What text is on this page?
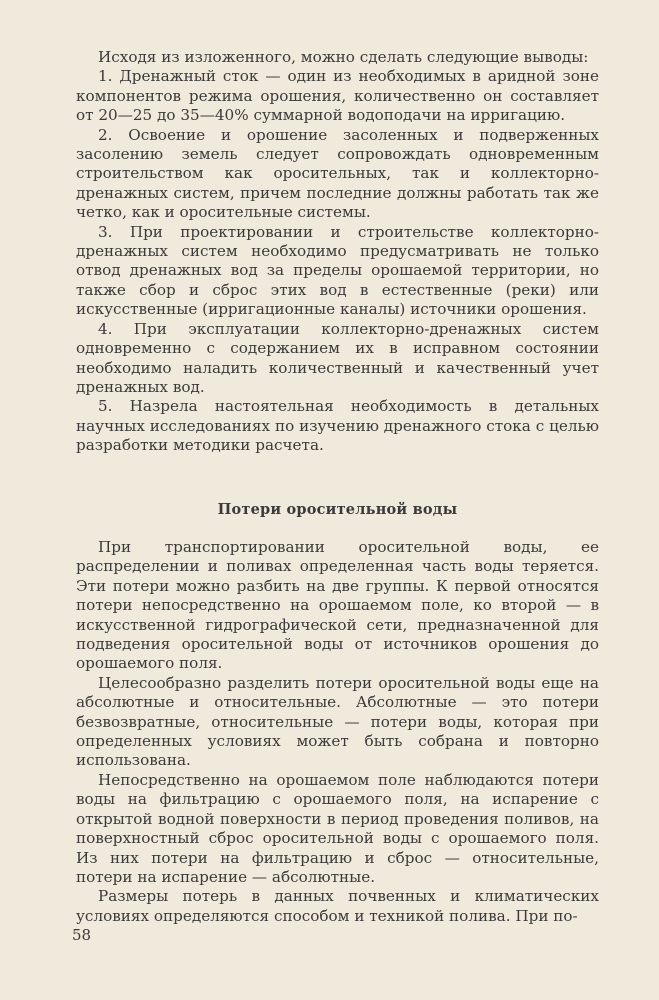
Исходя из изложенного, можно сделать следующие выводы:

1. Дренажный сток — один из необходимых в аридной зоне компонентов режима орошения, количественно он составляет от 20—25 до 35—40% суммарной водоподачи на ирригацию.

2. Освоение и орошение засоленных и подверженных засолению земель следует сопровождать одновременным строительством как оросительных, так и коллекторно-дренажных систем, причем последние должны работать так же четко, как и оросительные системы.

3. При проектировании и строительстве коллекторно-дренажных систем необходимо предусматривать не только отвод дренажных вод за пределы орошаемой территории, но также сбор и сброс этих вод в естественные (реки) или искусственные (ирригационные каналы) источники орошения.

4. При эксплуатации коллекторно-дренажных систем одновременно с содержанием их в исправном состоянии необходимо наладить количественный и качественный учет дренажных вод.

5. Назрела настоятельная необходимость в детальных научных исследованиях по изучению дренажного стока с целью разработки методики расчета.

Потери оросительной воды

При транспортировании оросительной воды, ее распределении и поливах определенная часть воды теряется. Эти потери можно разбить на две группы. К первой относятся потери непосредственно на орошаемом поле, ко второй — в искусственной гидрографической сети, предназначенной для подведения оросительной воды от источников орошения до орошаемого поля.

Целесообразно разделить потери оросительной воды еще на абсолютные и относительные. Абсолютные — это потери безвозвратные, относительные — потери воды, которая при определенных условиях может быть собрана и повторно использована.

Непосредственно на орошаемом поле наблюдаются потери воды на фильтрацию с орошаемого поля, на испарение с открытой водной поверхности в период проведения поливов, на поверхностный сброс оросительной воды с орошаемого поля. Из них потери на фильтрацию и сброс — относительные, потери на испарение — абсолютные.

Размеры потерь в данных почвенных и климатических условиях определяются способом и техникой полива. При по-

58
